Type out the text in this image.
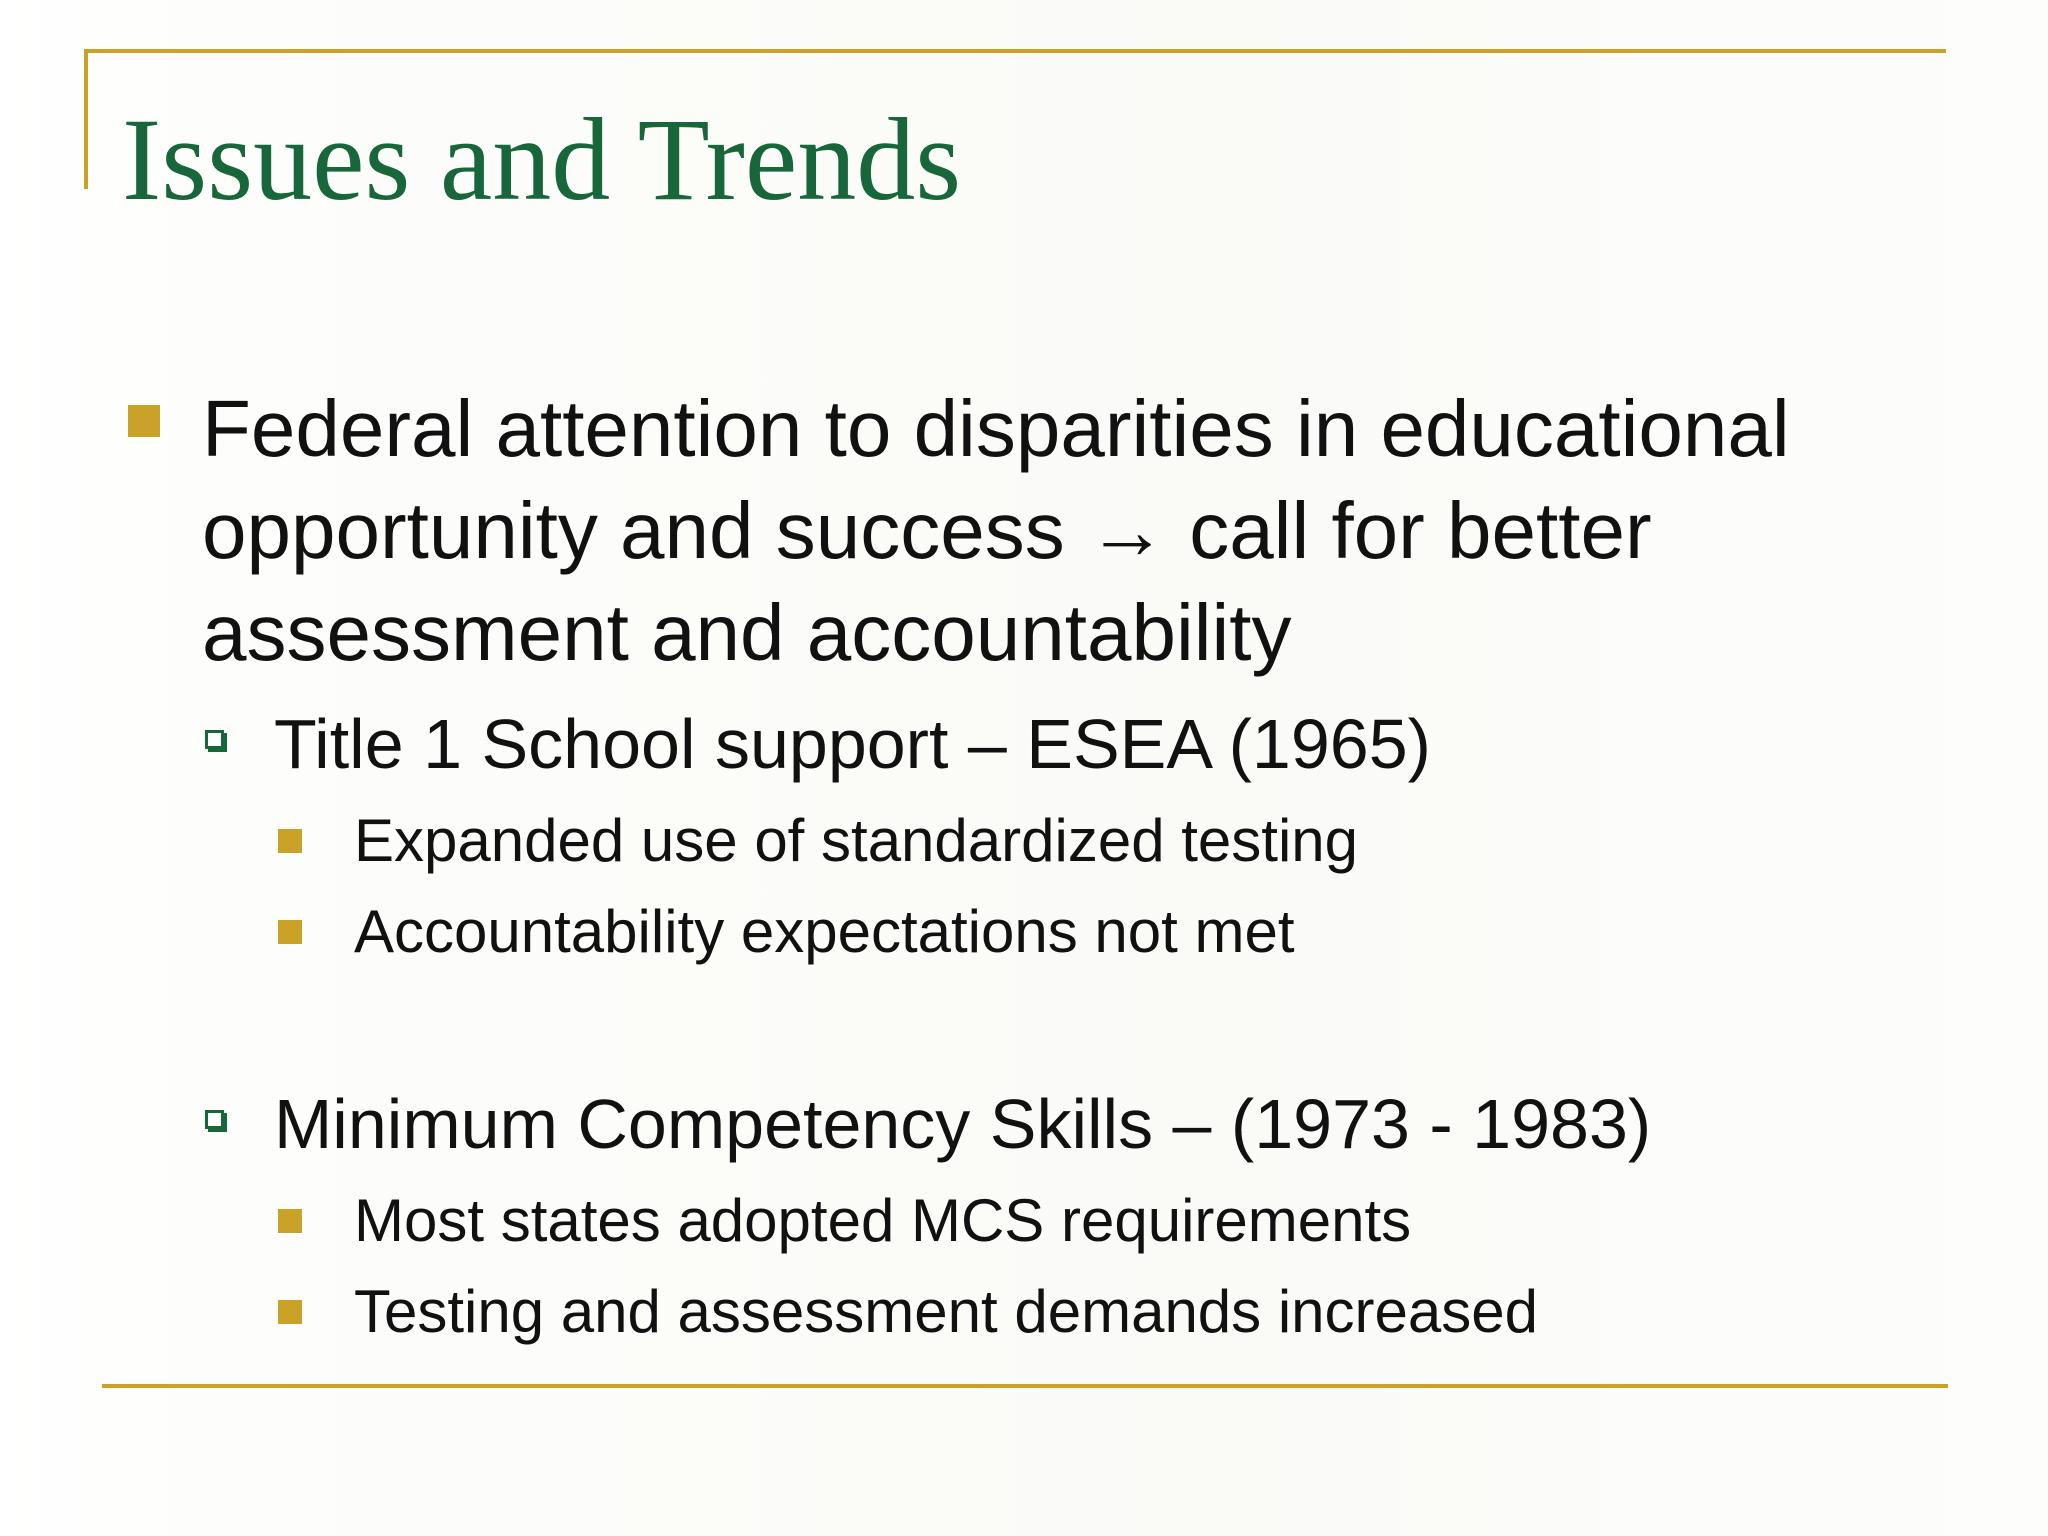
Issues and Trends
Federal attention to disparities in educational opportunity and success → call for better assessment and accountability
Title 1 School support – ESEA (1965)
Expanded use of standardized testing
Accountability expectations not met
Minimum Competency Skills – (1973 - 1983)
Most states adopted MCS requirements
Testing and assessment demands increased
